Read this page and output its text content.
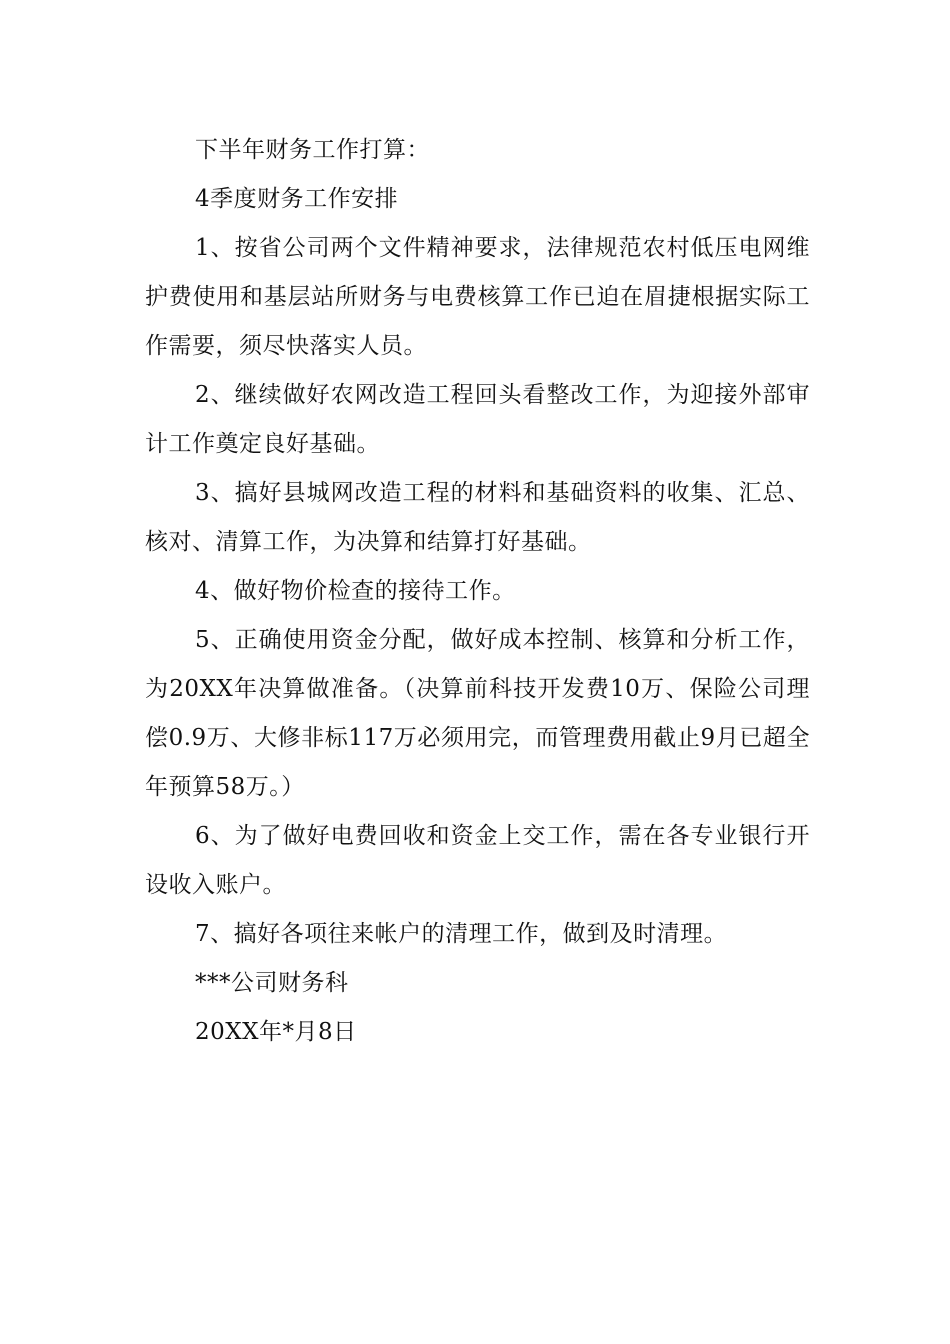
下半年财务工作打算：

4季度财务工作安排

1、按省公司两个文件精神要求，法律规范农村低压电网维护费使用和基层站所财务与电费核算工作已迫在眉捷根据实际工作需要，须尽快落实人员。

2、继续做好农网改造工程回头看整改工作，为迎接外部审计工作奠定良好基础。

3、搞好县城网改造工程的材料和基础资料的收集、汇总、核对、清算工作，为决算和结算打好基础。

4、做好物价检查的接待工作。

5、正确使用资金分配，做好成本控制、核算和分析工作，为20XX年决算做准备。（决算前科技开发费10万、保险公司理偿0.9万、大修非标117万必须用完，而管理费用截止9月已超全年预算58万。）

6、为了做好电费回收和资金上交工作，需在各专业银行开设收入账户。

7、搞好各项往来帐户的清理工作，做到及时清理。

***公司财务科

20XX年*月8日
